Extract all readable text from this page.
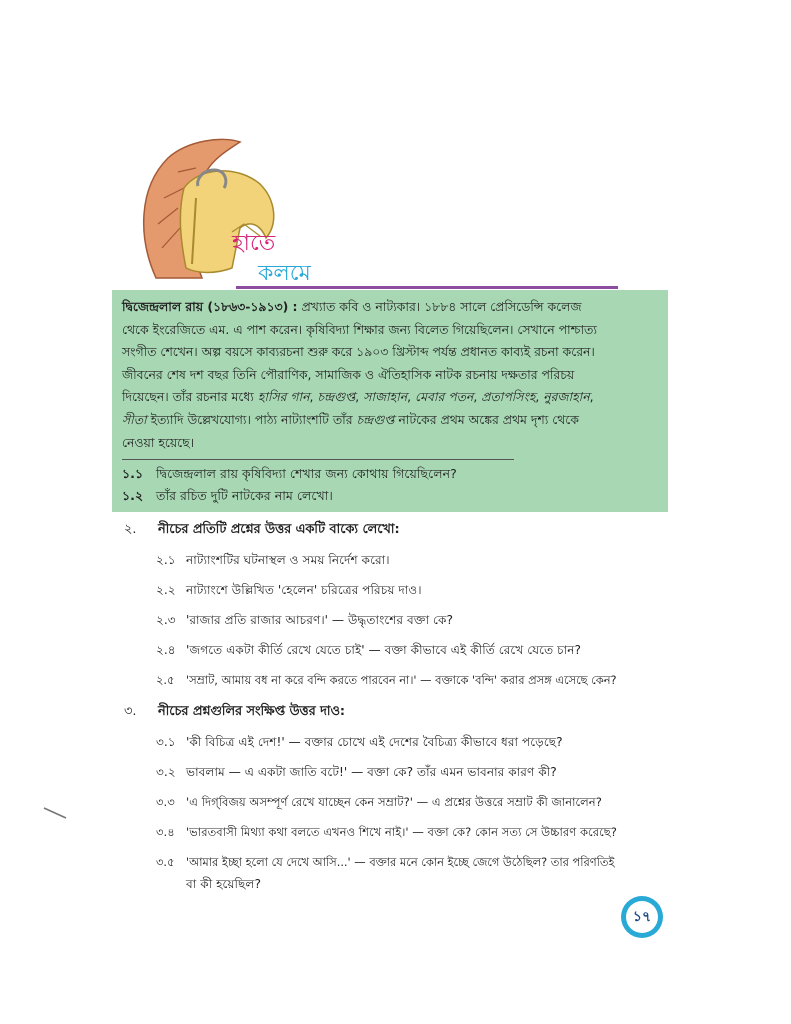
হাতে
কলমে

দ্বিজেন্দ্রলাল রায় (১৮৬৩-১৯১৩) : প্রখ্যাত কবি ও নাট্যকার। ১৮৮৪ সালে প্রেসিডেন্সি কলেজ
থেকে ইংরেজিতে এম. এ পাশ করেন। কৃষিবিদ্যা শিক্ষার জন্য বিলেত গিয়েছিলেন। সেখানে পাশ্চাত্য
সংগীত শেখেন। অল্প বয়সে কাব্যরচনা শুরু করে ১৯০৩ খ্রিস্টাব্দ পর্যন্ত প্রধানত কাব্যই রচনা করেন।
জীবনের শেষ দশ বছর তিনি পৌরাণিক, সামাজিক ও ঐতিহাসিক নাটক রচনায় দক্ষতার পরিচয়
দিয়েছেন। তাঁর রচনার মধ্যে হাসির গান, চন্দ্রগুপ্ত, সাজাহান, মেবার পতন, প্রতাপসিংহ, নুরজাহান,
সীতা ইত্যাদি উল্লেখযোগ্য। পাঠ্য নাট্যাংশটি তাঁর চন্দ্রগুপ্ত নাটকের প্রথম অঙ্কের প্রথম দৃশ্য থেকে
নেওয়া হয়েছে।

১.১ দ্বিজেন্দ্রলাল রায় কৃষিবিদ্যা শেখার জন্য কোথায় গিয়েছিলেন?
১.২ তাঁর রচিত দুটি নাটকের নাম লেখো।
২. নীচের প্রতিটি প্রশ্নের উত্তর একটি বাক্যে লেখো:
২.১ নাট্যাংশটির ঘটনাস্থল ও সময় নির্দেশ করো।
২.২ নাট্যাংশে উল্লিখিত 'হেলেন' চরিত্রের পরিচয় দাও।
২.৩ 'রাজার প্রতি রাজার আচরণ।' — উদ্ধৃতাংশের বক্তা কে?
২.৪ 'জগতে একটা কীর্তি রেখে যেতে চাই' — বক্তা কীভাবে এই কীর্তি রেখে যেতে চান?
২.৫ 'সম্রাট, আমায় বধ না করে বন্দি করতে পারবেন না।' — বক্তাকে 'বন্দি' করার প্রসঙ্গ এসেছে কেন?
৩. নীচের প্রশ্নগুলির সংক্ষিপ্ত উত্তর দাও:
৩.১ 'কী বিচিত্র এই দেশ!' — বক্তার চোখে এই দেশের বৈচিত্র্য কীভাবে ধরা পড়েছে?
৩.২ ভাবলাম — এ একটা জাতি বটে!' — বক্তা কে? তাঁর এমন ভাবনার কারণ কী?
৩.৩ 'এ দিগ্‌বিজয় অসম্পূর্ণ রেখে যাচ্ছেন কেন সম্রাট?' — এ প্রশ্নের উত্তরে সম্রাট কী জানালেন?
৩.৪ 'ভারতবাসী মিথ্যা কথা বলতে এখনও শিখে নাই।' — বক্তা কে? কোন সত্য সে উচ্চারণ করেছে?
৩.৫ 'আমার ইচ্ছা হলো যে দেখে আসি...' — বক্তার মনে কোন ইচ্ছে জেগে উঠেছিল? তার পরিণতিই
বা কী হয়েছিল?
১৭
